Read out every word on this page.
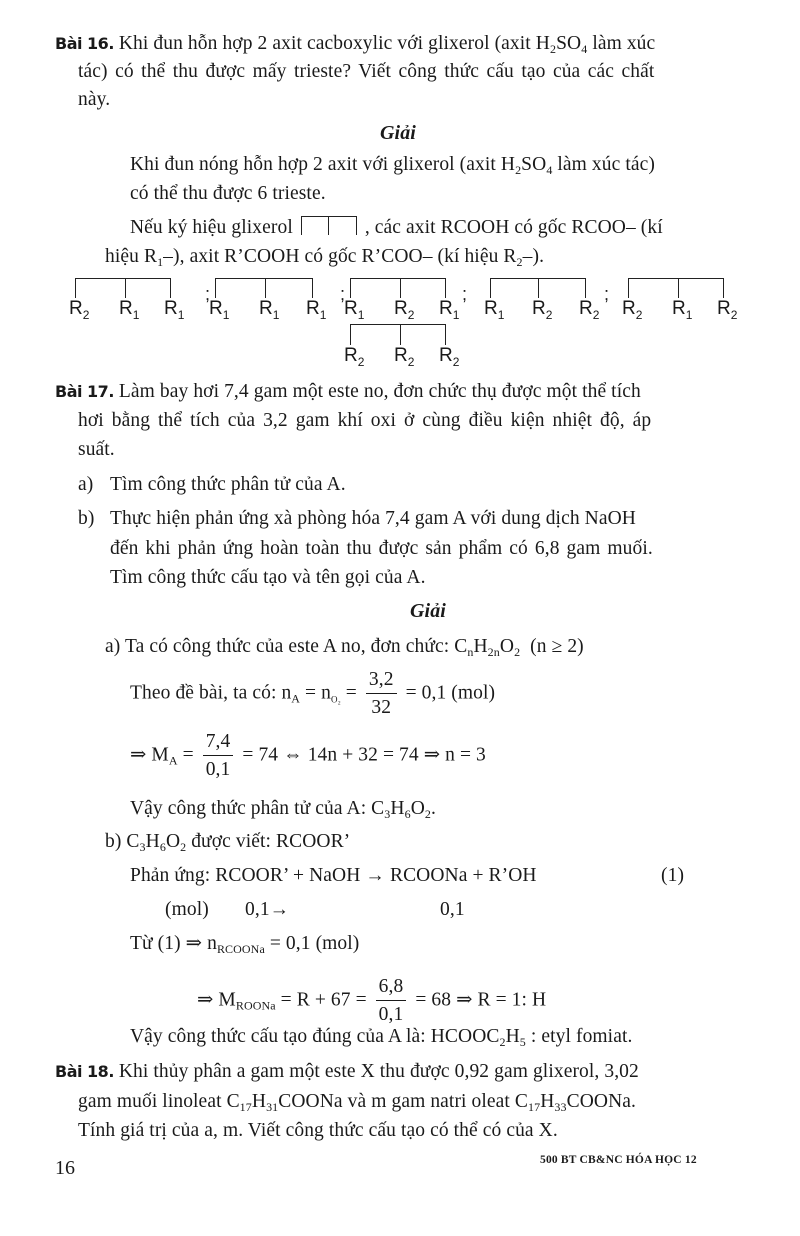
Bài 16. Khi đun hỗn hợp 2 axit cacboxylic với glixerol (axit $H_2SO_4$ làm xúc
tác) có thể thu được mấy trieste? Viết công thức cấu tạo của các chất
này.
Giải
Khi đun nóng hỗn hợp 2 axit với glixerol (axit $H_2SO_4$ làm xúc tác)
có thể thu được 6 trieste.
Nếu ký hiệu glixerol	, các axit RCOOH có gốc RCOO– (kí
hiệu $R_1-$), axit R’COOH có gốc R’COO– (kí hiệu $R_2-$).
$R_2$ $R_1$ $R_1$ $R_1$ $R_1$ $R_1$ $R_1$ $R_2$ $R_1$ $R_1$ $R_2$ $R_2$ $R_2$ $R_1$ $R_2$
$R_2$ $R_2$ $R_2$
;	;	;	;
Bài 17. Làm bay hơi 7,4 gam một este no, đơn chức thụ được một thể tích
hơi bằng thể tích của 3,2 gam khí oxi ở cùng điều kiện nhiệt độ, áp
suất.
a) Tìm công thức phân tử của A.
b) Thực hiện phản ứng xà phòng hóa 7,4 gam A với dung dịch NaOH
đến khi phản ứng hoàn toàn thu được sản phẩm có 6,8 gam muối.
Tìm công thức cấu tạo và tên gọi của A.
Giải
a) Ta có công thức của este A no, đơn chức: $C_nH_{2n}O_2$ (n ≥ 2)
Theo đề bài, ta có: $n_A = n_{O_2} = \frac{3,2}{32} = 0,1$ (mol)
⇒ $M_A = \frac{7,4}{0,1} = 74$ ⇔ 14n + 32 = 74 ⇒ n = 3
Vậy công thức phân tử của A: $C_3H_6O_2$.
b) $C_3H_6O_2$ được viết: RCOOR’
Phản ứng: RCOOR’ + NaOH → RCOONa + R’OH	(1)
(mol) 0,1→	0,1
Từ (1) ⇒ $n_{RCOONa} = 0,1$ (mol)
⇒ $M_{ROONa} = R + 67 = \frac{6,8}{0,1} = 68$ ⇒ R = 1: H
Vậy công thức cấu tạo đúng của A là: $HCOOC_2H_5$ : etyl fomiat.
Bài 18. Khi thủy phân a gam một este X thu được 0,92 gam glixerol, 3,02
gam muối linoleat $C_{17}H_{31}COONa$ và m gam natri oleat $C_{17}H_{33}COONa$.
Tính giá trị của a, m. Viết công thức cấu tạo có thể có của X.
16	500 BT CB&NC HÓA HỌC 12
